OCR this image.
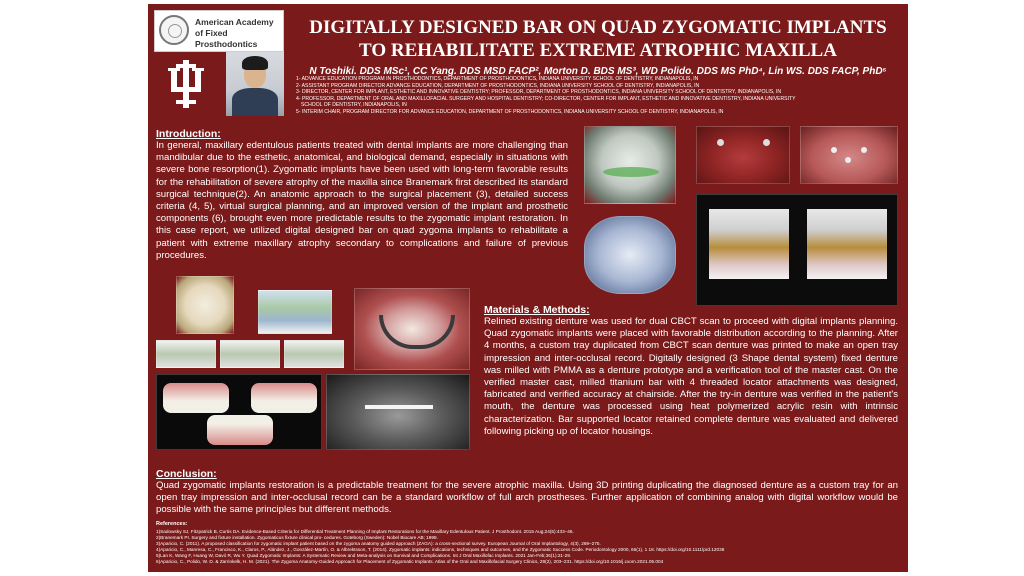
American Academy of Fixed Prosthodontics
DIGITALLY DESIGNED BAR ON QUAD ZYGOMATIC IMPLANTS TO REHABILITATE EXTREME ATROPHIC MAXILLA
N Toshiki. DDS MSc¹, CC Yang. DDS MSD FACP², Morton D. BDS MS³, WD Polido. DDS MS PhD⁴, Lin WS. DDS FACP, PhD⁵
1- ADVANCE EDUCATION PROGRAM IN PROSTHODONTICS, DEPARTMENT OF PROSTHODONTICS, INDIANA UNIVERSITY SCHOOL OF DENTISTRY, INDIANAPOLIS, IN
2- ASSISTANT PROGRAM DIRECTOR ADVANCE EDUCATION, DEPARTMENT OF PROSTHODONTICS, INDIANA UNIVERSITY SCHOOL OF DENTISTRY, INDIANAPOLIS, IN
3- DIRECTOR, CENTER FOR IMPLANT, ESTHETIC AND INNOVATIVE DENTISTRY; PROFESSOR, DEPARTMENT OF PROSTHODONTICS, INDIANA UNIVERSITY SCHOOL OF DENTISTRY, INDIANAPOLIS, IN
4- PROFESSOR, DEPARTMENT OF ORAL AND MAXILLOFACIAL SURGERY AND HOSPITAL DENTISTRY; CO-DIRECTOR, CENTER FOR IMPLANT, ESTHETIC AND INNOVATIVE DENTISTRY, INDIANA UNIVERSITY
SCHOOL OF DENTISTRY, INDIANAPOLIS, IN
5- INTERIM CHAIR, PROGRAM DIRECTOR FOR ADVANCE EDUCATION, DEPARTMENT OF PROSTHODONTICS, INDIANA UNIVERSITY SCHOOL OF DENTISTRY, INDIANAPOLIS, IN
Introduction:
In general, maxillary edentulous patients treated with dental implants are more challenging than mandibular due to the esthetic, anatomical, and biological demand, especially in situations with severe bone resorption(1). Zygomatic implants have been used with long-term favorable results for the rehabilitation of severe atrophy of the maxilla since Branemark first described its standard surgical technique(2). An anatomic approach to the surgical placement (3), detailed success criteria (4, 5), virtual surgical planning, and an improved version of the implant and prosthetic components (6), brought even more predictable results to the zygomatic implant restoration. In this case report, we utilized digital designed bar on quad zygoma implants to rehabilitate a patient with extreme maxillary atrophy secondary to complications and failure of previous procedures.
Materials & Methods:
Relined existing denture was used for dual CBCT scan to proceed with digital implants planning. Quad zygomatic implants were placed with favorable distribution according to the planning. After 4 months, a custom tray duplicated from CBCT scan denture was printed to make an open tray impression and inter-occlusal record. Digitally designed (3 Shape dental system) fixed denture was milled with PMMA as a denture prototype and a verification tool of the master cast. On the verified master cast, milled titanium bar with 4 threaded locator attachments was designed, fabricated and verified accuracy at chairside. After the try-in denture was verified in the patient's mouth, the denture was processed using heat polymerized acrylic resin with intrinsic characterization. Bar supported locator retained complete denture was evaluated and delivered following picking up of locator housings.
Conclusion:
Quad zygomatic implants restoration is a predictable treatment for the severe atrophic maxilla. Using 3D printing duplicating the diagnosed denture as a custom tray for an open tray impression and inter-occlusal record can be a standard workflow of full arch prostheses. Further application of combining analog with digital workflow would be possible with the same principles but different methods.
References:
1)Sadowsky SJ, Fitzpatrick B, Curtis DA. Evidence-Based Criteria for Differential Treatment Planning of Implant Restorations for the Maxillary Edentulous Patient. J Prosthodont. 2015 Aug;24(6):433–46.
2)Branemark PI. Surgery and fixture installation. Zygomaticus fixture clinical pro- cedures. Goteborg (Sweden): Nobel Biocare AB; 1998.
3)Aparicio, C. (2011). A proposed classification for zygomatic implant patient based on the zygoma anatomy guided approach (ZAGA): a cross-sectional survey. European Journal of Oral Implantology, 4(3), 269–275.
4)Aparicio, C., Manresa, C., Francisco, K., Claros, P., Alández, J., González-Martín, O. & Albrektsson, T. (2014). Zygomatic implants: indications, techniques and outcomes, and the Zygomatic Success Code. Periodontology 2000, 66(1), 1 18. https://doi.org/10.1111/prd.12038
5)Lan K, Wang F, Huang W, Davó R, Wu Y. Quad Zygomatic Implants: A Systematic Review and Meta-analysis on Survival and Complications. Int J Oral Maxillofac Implants. 2021 Jan-Feb;36(1):21-29.
6)Aparicio, C., Polido, W. D. & Zarrinkelk, H. M. (2021). The Zygoma Anatomy-Guided Approach for Placement of Zygomatic Implants. Atlas of the Oral and Maxillofacial Surgery Clinics, 29(2), 203–231. https://doi.org/10.1016/j.cxom.2021.05.004
